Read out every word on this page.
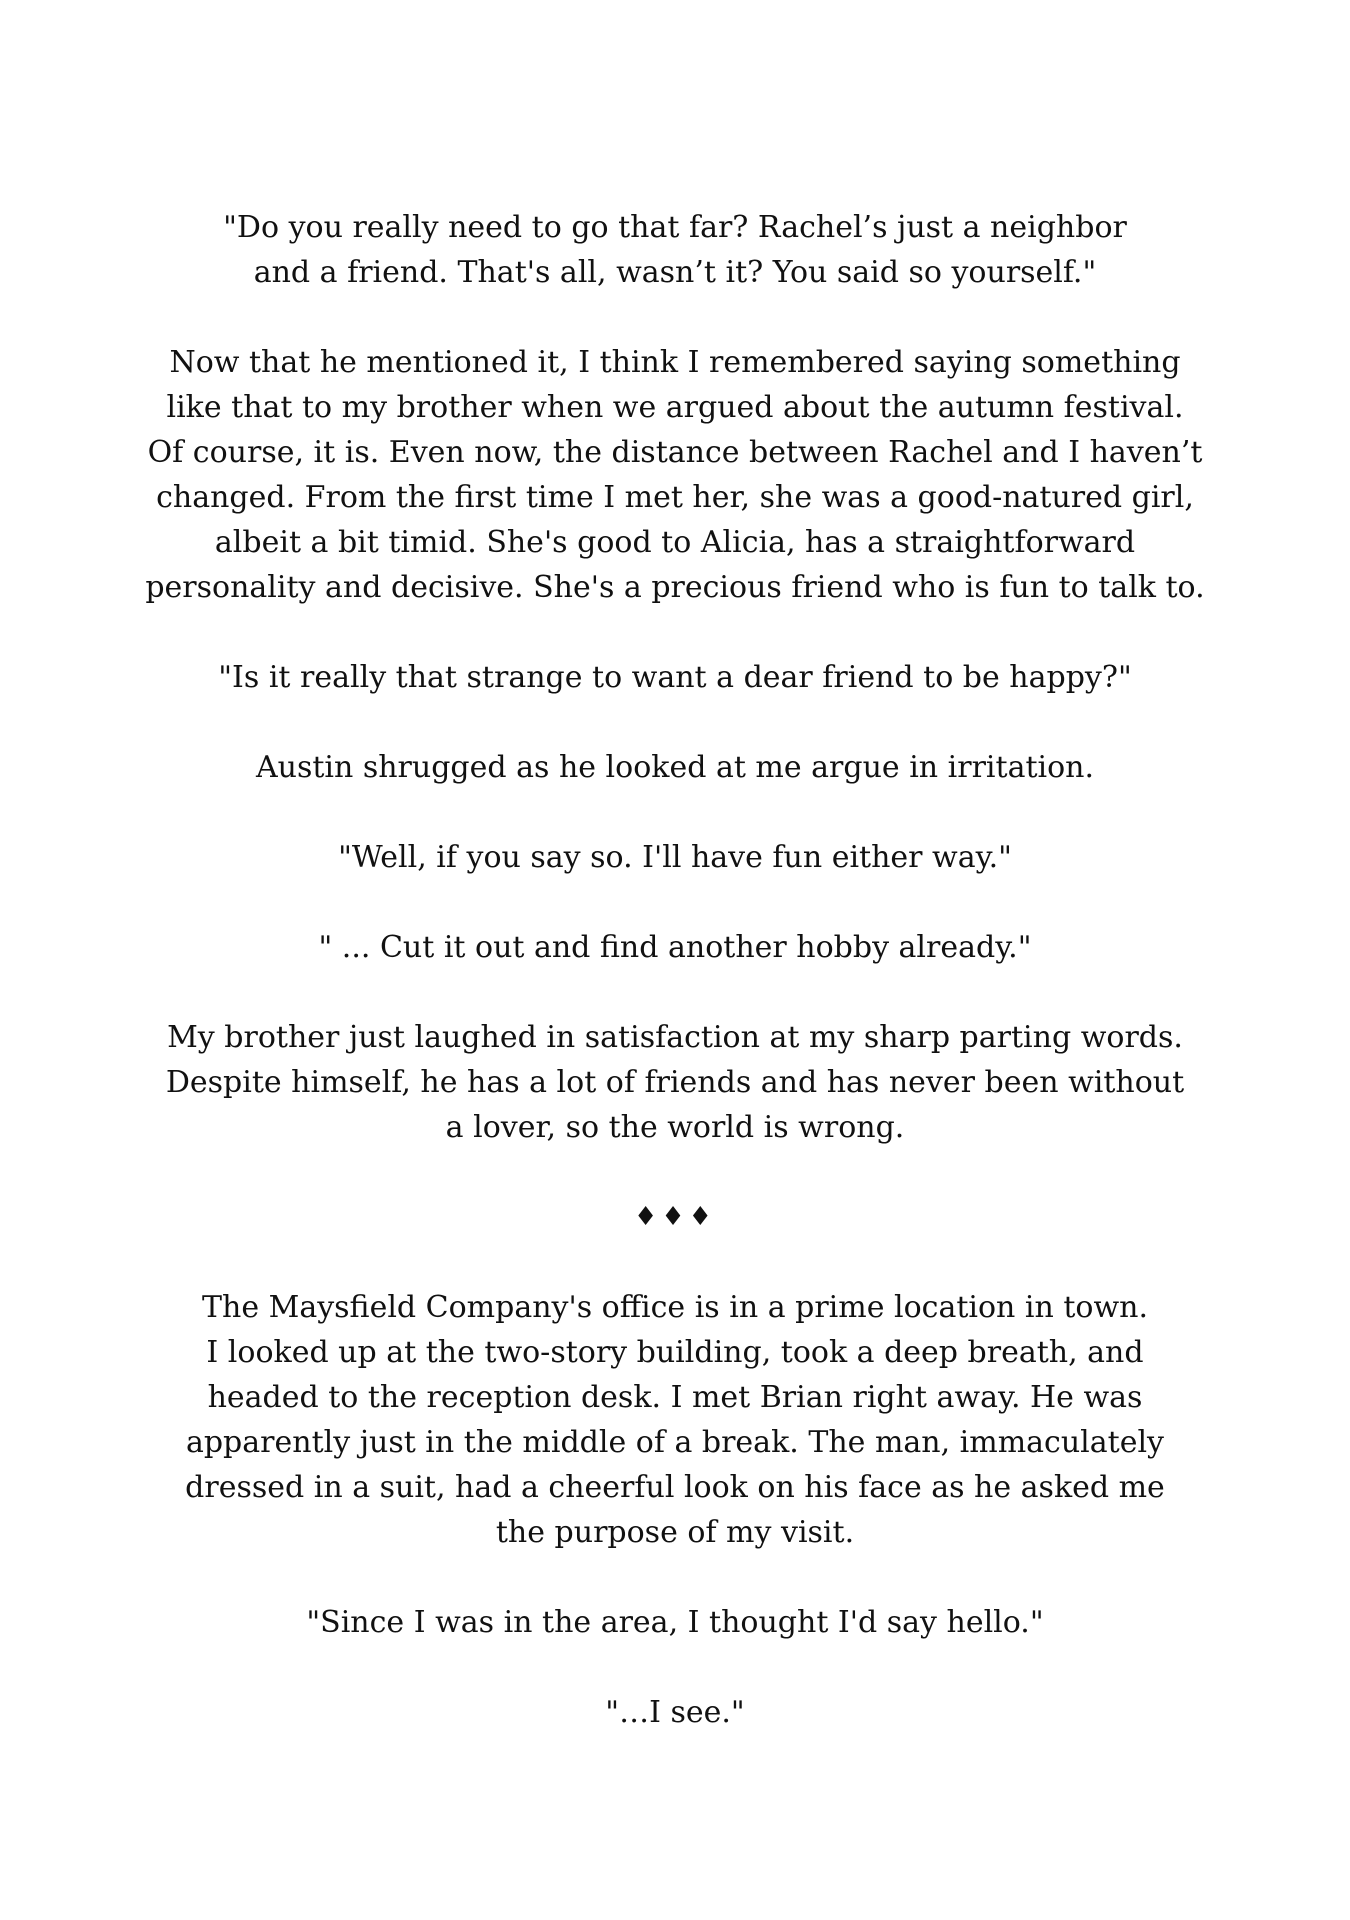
"Do you really need to go that far? Rachel’s just a neighbor
and a friend. That's all, wasn’t it? You said so yourself."

Now that he mentioned it, I think I remembered saying something
like that to my brother when we argued about the autumn festival.
Of course, it is. Even now, the distance between Rachel and I haven’t
changed. From the first time I met her, she was a good-natured girl,
albeit a bit timid. She's good to Alicia, has a straightforward
personality and decisive. She's a precious friend who is fun to talk to.

"Is it really that strange to want a dear friend to be happy?"

Austin shrugged as he looked at me argue in irritation.

"Well, if you say so. I'll have fun either way."

" ... Cut it out and find another hobby already."

My brother just laughed in satisfaction at my sharp parting words.
Despite himself, he has a lot of friends and has never been without
a lover, so the world is wrong.

♦♦♦

The Maysfield Company's office is in a prime location in town.
I looked up at the two-story building, took a deep breath, and
headed to the reception desk. I met Brian right away. He was
apparently just in the middle of a break. The man, immaculately
dressed in a suit, had a cheerful look on his face as he asked me
the purpose of my visit.

"Since I was in the area, I thought I'd say hello."

"…I see."
